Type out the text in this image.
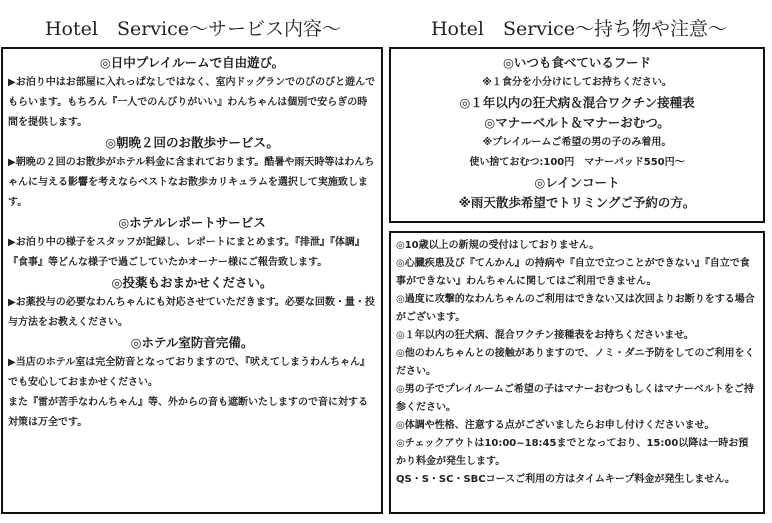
Hotel　Service〜サービス内容〜	Hotel　Service〜持ち物や注意〜
◎日中プレイルームで自由遊び。
▶お泊り中はお部屋に入れっぱなしではなく、室内ドッグランでのびのびと遊んでもらいます。もちろん『一人でのんびりがいい』わんちゃんは個別で安らぎの時間を提供します。
◎朝晩２回のお散歩サービス。
▶朝晩の２回のお散歩がホテル料金に含まれております。酷暑や雨天時等はわんちゃんに与える影響を考えならベストなお散歩カリキュラムを選択して実施致します。
◎ホテルレポートサービス
▶お泊り中の様子をスタッフが記録し、レポートにまとめます。『排泄』『体調』『食事』等どんな様子で過ごしていたかオーナー様にご報告致します。
◎投薬もおまかせください。
▶お薬投与の必要なわんちゃんにも対応させていただきます。必要な回数・量・投与方法をお教えください。
◎ホテル室防音完備。
▶当店のホテル室は完全防音となっておりますので、『吠えてしまうわんちゃん』でも安心しておまかせください。
また『雷が苦手なわんちゃん』等、外からの音も遮断いたしますので音に対する対策は万全です。
◎いつも食べているフード
※１食分を小分けにしてお持ちください。
◎１年以内の狂犬病＆混合ワクチン接種表
◎マナーベルト＆マナーおむつ。
※プレイルームご希望の男の子のみ着用。
使い捨ておむつ:100円　マナーパッド550円〜
◎レインコート
※雨天散歩希望でトリミングご予約の方。
◎10歳以上の新規の受付はしておりません。
◎心臓疾患及び『てんかん』の持病や『自立で立つことができない』『自立で食事ができない』わんちゃんに関してはご利用できません。
◎過度に攻撃的なわんちゃんのご利用はできない又は次回よりお断りをする場合がございます。
◎１年以内の狂犬病、混合ワクチン接種表をお持ちくださいませ。
◎他のわんちゃんとの接触がありますので、ノミ・ダニ予防をしてのご利用をください。
◎男の子でプレイルームご希望の子はマナーおむつもしくはマナーベルトをご持参ください。
◎体調や性格、注意する点がございましたらお申し付けくださいませ。
◎チェックアウトは10:00~18:45までとなっており、15:00以降は一時お預かり料金が発生します。
QS・S・SC・SBCコースご利用の方はタイムキープ料金が発生しません。
